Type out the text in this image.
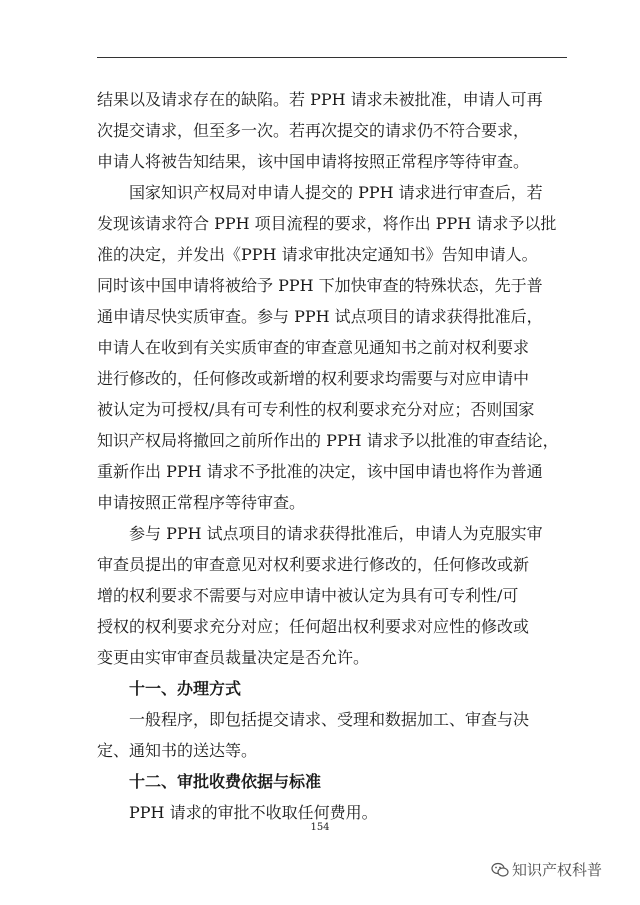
结果以及请求存在的缺陷。若 PPH 请求未被批准，申请人可再

次提交请求，但至多一次。若再次提交的请求仍不符合要求，

申请人将被告知结果，该中国申请将按照正常程序等待审查。

国家知识产权局对申请人提交的 PPH 请求进行审查后，若

发现该请求符合 PPH 项目流程的要求，将作出 PPH 请求予以批

准的决定，并发出《PPH 请求审批决定通知书》告知申请人。

同时该中国申请将被给予 PPH 下加快审查的特殊状态，先于普

通申请尽快实质审查。参与 PPH 试点项目的请求获得批准后，

申请人在收到有关实质审查的审查意见通知书之前对权利要求

进行修改的，任何修改或新增的权利要求均需要与对应申请中

被认定为可授权/具有可专利性的权利要求充分对应；否则国家

知识产权局将撤回之前所作出的 PPH 请求予以批准的审查结论，

重新作出 PPH 请求不予批准的决定，该中国申请也将作为普通

申请按照正常程序等待审查。

参与 PPH 试点项目的请求获得批准后，申请人为克服实审

审查员提出的审查意见对权利要求进行修改的，任何修改或新

增的权利要求不需要与对应申请中被认定为具有可专利性/可

授权的权利要求充分对应；任何超出权利要求对应性的修改或

变更由实审审查员裁量决定是否允许。

十一、办理方式

一般程序，即包括提交请求、受理和数据加工、审查与决

定、通知书的送达等。

十二、审批收费依据与标准

PPH 请求的审批不收取任何费用。

154
知识产权科普
